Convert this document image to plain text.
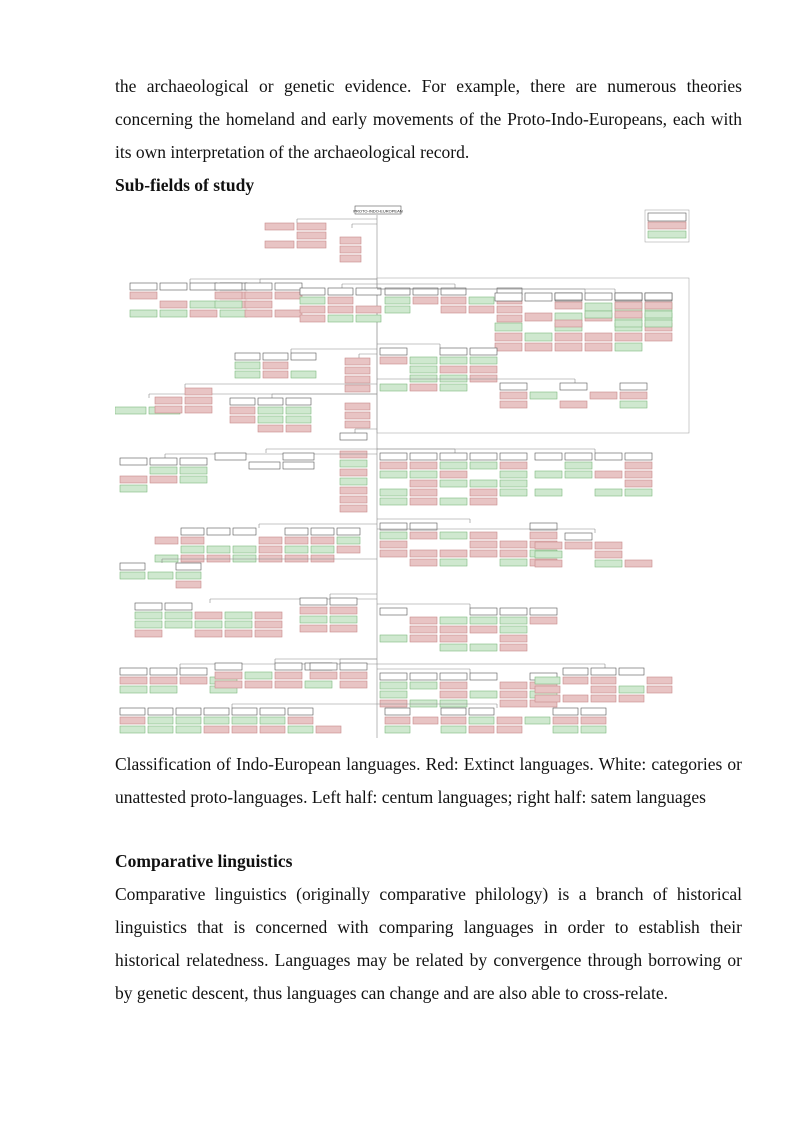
the archaeological or genetic evidence. For example, there are numerous theories concerning the homeland and early movements of the Proto-Indo-Europeans, each with its own interpretation of the archaeological record.

Sub-fields of study

PROTO-INDO-EUROPEAN

Classification of Indo-European languages. Red: Extinct languages. White: categories or unattested proto-languages. Left half: centum languages; right half: satem languages

Comparative linguistics

Comparative linguistics (originally comparative philology) is a branch of historical linguistics that is concerned with comparing languages in order to establish their historical relatedness. Languages may be related by convergence through borrowing or by genetic descent, thus languages can change and are also able to cross-relate.
